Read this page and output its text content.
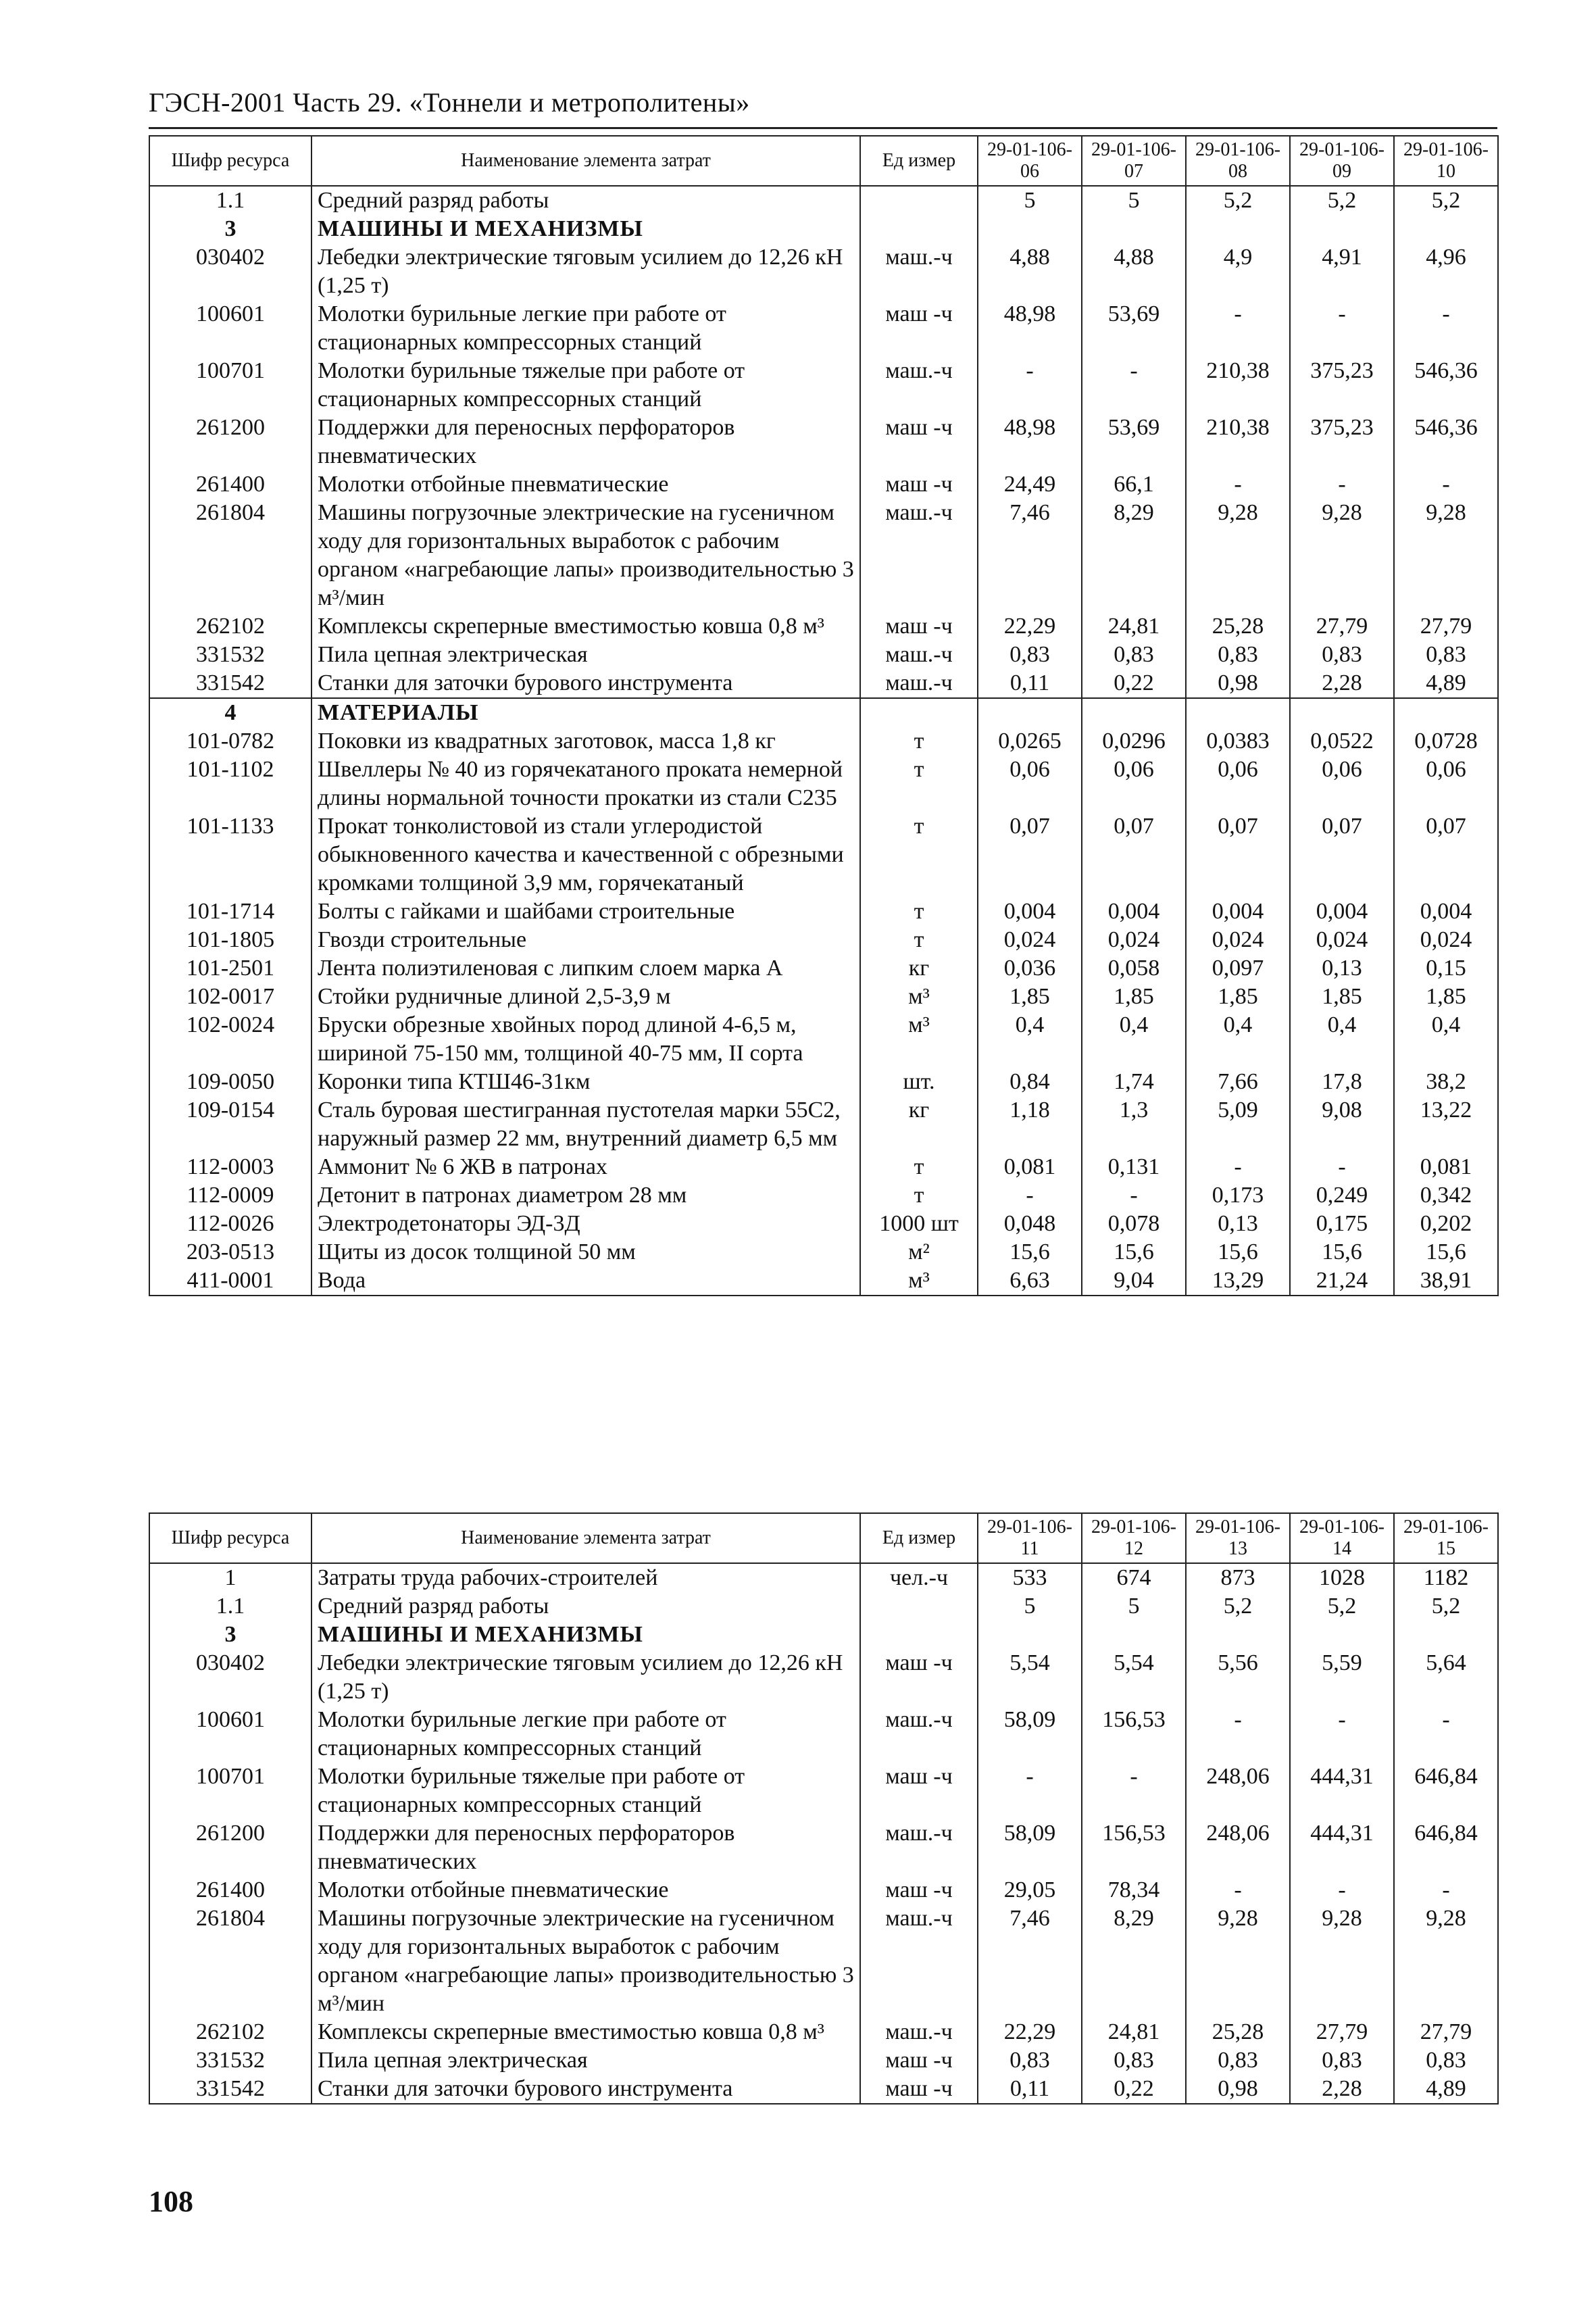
ГЭСН-2001 Часть 29. «Тоннели и метрополитены»
Шифр ресурса	Наименование элемента затрат	Ед измер	29-01-106-06	29-01-106-07	29-01-106-08	29-01-106-09	29-01-106-10
1.1	Средний разряд работы		5	5	5,2	5,2	5,2
3	МАШИНЫ И МЕХАНИЗМЫ						
030402	Лебедки электрические тяговым усилием до 12,26 кН (1,25 т)	маш.-ч	4,88	4,88	4,9	4,91	4,96
100601	Молотки бурильные легкие при работе от стационарных компрессорных станций	маш -ч	48,98	53,69	-	-	-
100701	Молотки бурильные тяжелые при работе от стационарных компрессорных станций	маш.-ч	-	-	210,38	375,23	546,36
261200	Поддержки для переносных перфораторов пневматических	маш -ч	48,98	53,69	210,38	375,23	546,36
261400	Молотки отбойные пневматические	маш -ч	24,49	66,1	-	-	-
261804	Машины погрузочные электрические на гусеничном ходу для горизонтальных выработок с рабочим органом «нагребающие лапы» производительностью 3 м³/мин	маш.-ч	7,46	8,29	9,28	9,28	9,28
262102	Комплексы скреперные вместимостью ковша 0,8 м³	маш -ч	22,29	24,81	25,28	27,79	27,79
331532	Пила цепная электрическая	маш.-ч	0,83	0,83	0,83	0,83	0,83
331542	Станки для заточки бурового инструмента	маш.-ч	0,11	0,22	0,98	2,28	4,89
4	МАТЕРИАЛЫ						
101-0782	Поковки из квадратных заготовок, масса 1,8 кг	т	0,0265	0,0296	0,0383	0,0522	0,0728
101-1102	Швеллеры № 40 из горячекатаного проката немерной длины нормальной точности прокатки из стали С235	т	0,06	0,06	0,06	0,06	0,06
101-1133	Прокат тонколистовой из стали углеродистой обыкновенного качества и качественной с обрезными кромками толщиной 3,9 мм, горячекатаный	т	0,07	0,07	0,07	0,07	0,07
101-1714	Болты с гайками и шайбами строительные	т	0,004	0,004	0,004	0,004	0,004
101-1805	Гвозди строительные	т	0,024	0,024	0,024	0,024	0,024
101-2501	Лента полиэтиленовая с липким слоем марка А	кг	0,036	0,058	0,097	0,13	0,15
102-0017	Стойки рудничные длиной 2,5-3,9 м	м³	1,85	1,85	1,85	1,85	1,85
102-0024	Бруски обрезные хвойных пород длиной 4-6,5 м, шириной 75-150 мм, толщиной 40-75 мм, II сорта	м³	0,4	0,4	0,4	0,4	0,4
109-0050	Коронки типа КТШ46-31км	шт.	0,84	1,74	7,66	17,8	38,2
109-0154	Сталь буровая шестигранная пустотелая марки 55С2, наружный размер 22 мм, внутренний диаметр 6,5 мм	кг	1,18	1,3	5,09	9,08	13,22
112-0003	Аммонит № 6 ЖВ в патронах	т	0,081	0,131	-	-	0,081
112-0009	Детонит в патронах диаметром 28 мм	т	-	-	0,173	0,249	0,342
112-0026	Электродетонаторы ЭД-3Д	1000 шт	0,048	0,078	0,13	0,175	0,202
203-0513	Щиты из досок толщиной 50 мм	м²	15,6	15,6	15,6	15,6	15,6
411-0001	Вода	м³	6,63	9,04	13,29	21,24	38,91
Шифр ресурса	Наименование элемента затрат	Ед измер	29-01-106-11	29-01-106-12	29-01-106-13	29-01-106-14	29-01-106-15
1	Затраты труда рабочих-строителей	чел.-ч	533	674	873	1028	1182
1.1	Средний разряд работы		5	5	5,2	5,2	5,2
3	МАШИНЫ И МЕХАНИЗМЫ						
030402	Лебедки электрические тяговым усилием до 12,26 кН (1,25 т)	маш -ч	5,54	5,54	5,56	5,59	5,64
100601	Молотки бурильные легкие при работе от стационарных компрессорных станций	маш.-ч	58,09	156,53	-	-	-
100701	Молотки бурильные тяжелые при работе от стационарных компрессорных станций	маш -ч	-	-	248,06	444,31	646,84
261200	Поддержки для переносных перфораторов пневматических	маш.-ч	58,09	156,53	248,06	444,31	646,84
261400	Молотки отбойные пневматические	маш -ч	29,05	78,34	-	-	-
261804	Машины погрузочные электрические на гусеничном ходу для горизонтальных выработок с рабочим органом «нагребающие лапы» производительностью 3 м³/мин	маш.-ч	7,46	8,29	9,28	9,28	9,28
262102	Комплексы скреперные вместимостью ковша 0,8 м³	маш.-ч	22,29	24,81	25,28	27,79	27,79
331532	Пила цепная электрическая	маш -ч	0,83	0,83	0,83	0,83	0,83
331542	Станки для заточки бурового инструмента	маш -ч	0,11	0,22	0,98	2,28	4,89
108
